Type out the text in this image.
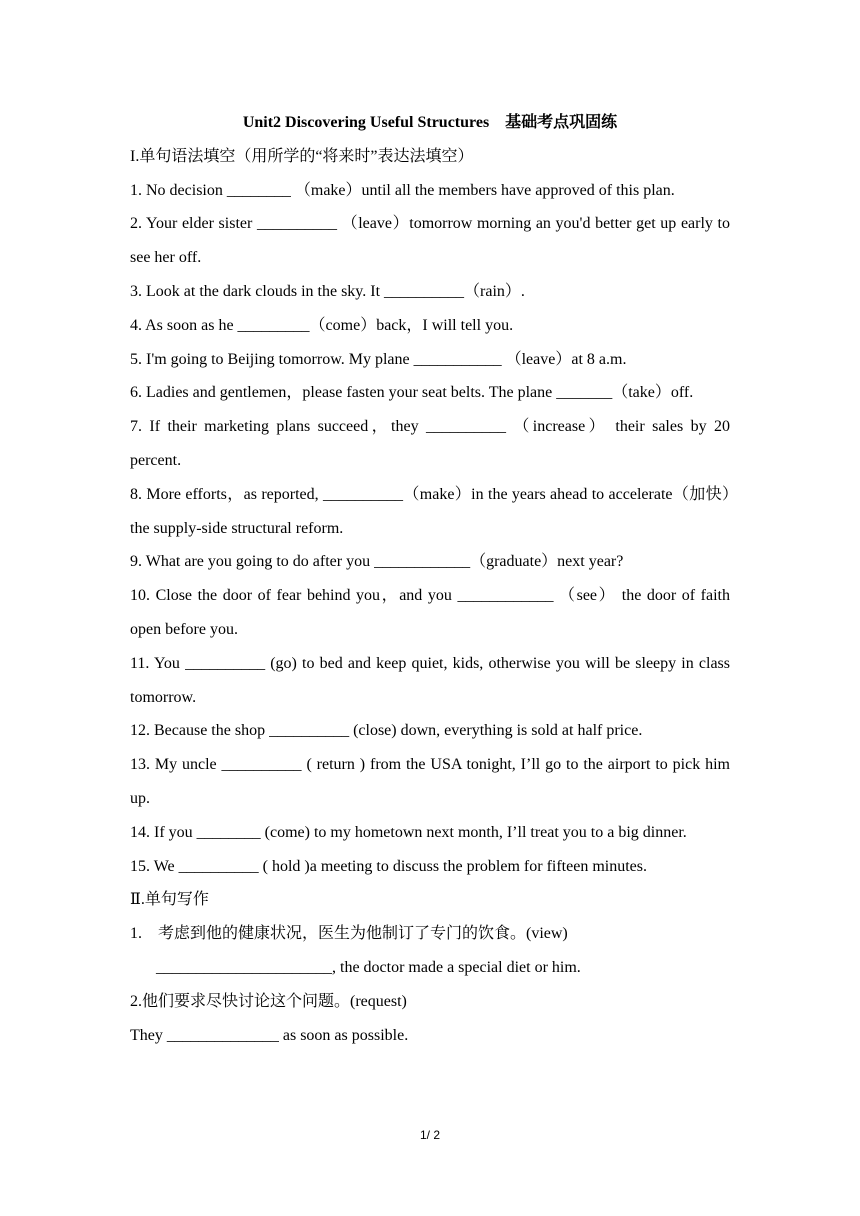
Unit2 Discovering Useful Structures　基础考点巩固练
I.单句语法填空（用所学的“将来时”表达法填空）
1. No decision ________ （make）until all the members have approved of this plan.
2. Your elder sister __________ （leave）tomorrow morning an you'd better get up early to see her off.
3. Look at the dark clouds in the sky. It __________（rain）.
4. As soon as he _________（come）back，I will tell you.
5. I'm going to Beijing tomorrow. My plane ___________ （leave）at 8 a.m.
6. Ladies and gentlemen，please fasten your seat belts. The plane _______（take）off.
7. If their marketing plans succeed，they __________ （increase） their sales by 20 percent.
8. More efforts，as reported, __________（make）in the years ahead to accelerate（加快）the supply-side structural reform.
9. What are you going to do after you ____________（graduate）next year?
10. Close the door of fear behind you，and you ____________ （see） the door of faith open before you.
11. You __________ (go) to bed and keep quiet, kids, otherwise you will be sleepy in class tomorrow.
12. Because the shop __________ (close) down, everything is sold at half price.
13. My uncle __________ ( return ) from the USA tonight, I’ll go to the airport to pick him up.
14. If you ________ (come) to my hometown next month, I’ll treat you to a big dinner.
15. We __________ ( hold )a meeting to discuss the problem for fifteen minutes.
Ⅱ.单句写作
1.　考虑到他的健康状况，医生为他制订了专门的饮食。(view)
______________________, the doctor made a special diet or him.
2.他们要求尽快讨论这个问题。(request)
They ______________ as soon as possible.
1/ 2
